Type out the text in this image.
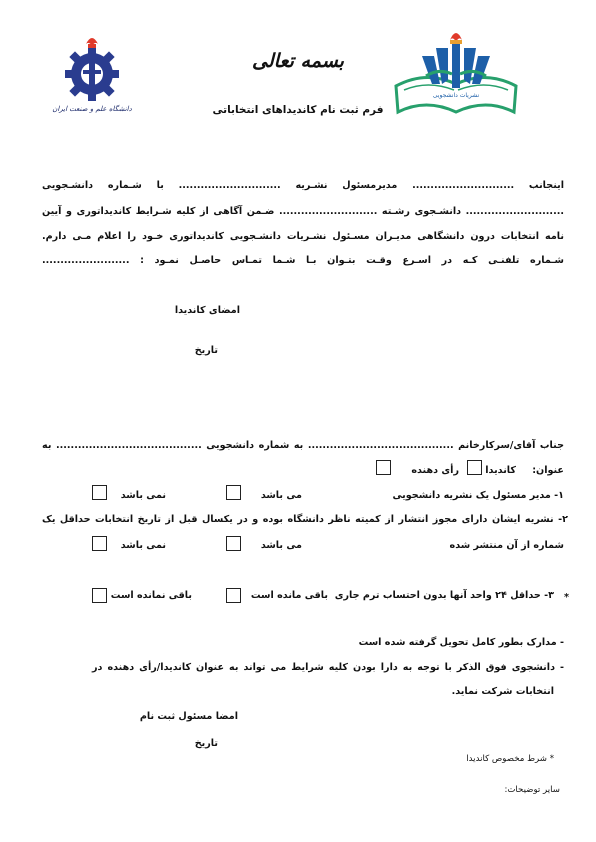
دانشگاه علم و صنعت ایران
نشریات دانشجویی
بسمه تعالی
فرم ثبت نام کاندیداهای انتخاباتی
اینجانب ............................ مدیرمسئول نشـریه ............................ با شـماره دانشـجویی
........................... دانشـجوی رشـته ........................... ضـمن آگاهی از کلیه شـرایط کاندیداتوری و آیین
نامه انتخابات درون دانشگاهی مدیـران مسـئول نشـریات دانشـجویی کاندیداتوری خـود را اعلام مـی دارم.
شـماره تلفنـی کـه در اسـرع وقـت بتـوان بـا شـما تمـاس حاصـل نمـود : ........................
امضای کاندیدا
تاریخ
جناب آقای/سرکارخانم ........................................ به شماره دانشجویی ........................................ به
عنوان:
کاندیدا
رأی دهنده
۱- مدیر مسئول یک نشریه دانشجویی
می باشد
نمی باشد
۲- نشریه ایشان دارای مجوز انتشار از کمیته ناظر دانشگاه بوده و در یکسال قبل از تاریخ انتخابات حداقل یک
شماره از آن منتشر شده
می باشد
نمی باشد
*
۳- حداقل ۲۴ واحد آنها بدون احتساب ترم جاری
باقی مانده است
باقی نمانده است
- مدارک بطور کامل تحویل گرفته شده است
- دانشجوی فوق الذکر با توجه به دارا بودن کلیه شرایط می تواند به عنوان کاندیدا/رأی دهنده در
انتخابات شرکت نماید.
امضا مسئول ثبت نام
تاریخ
* شرط مخصوص کاندیدا
سایر توضیحات:
